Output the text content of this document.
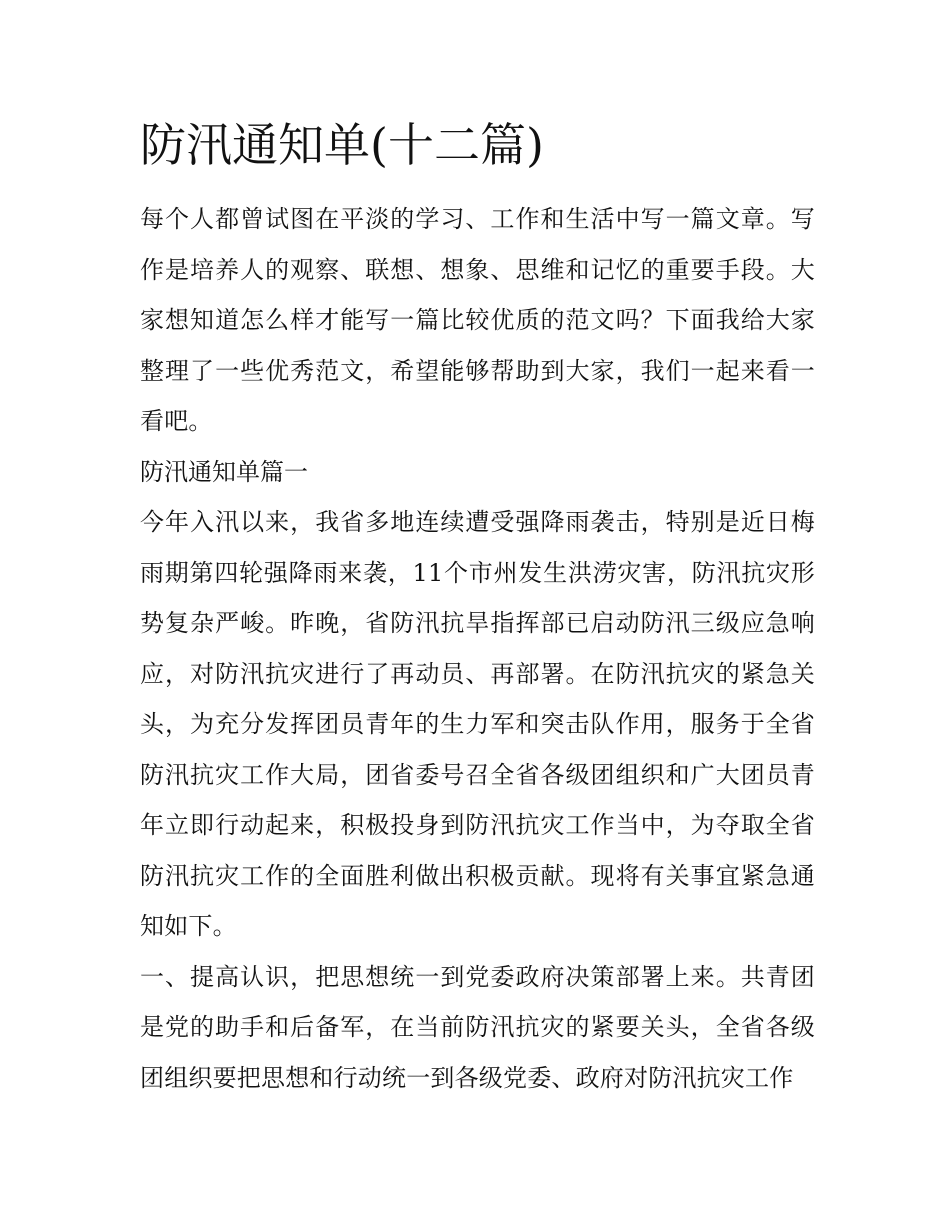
防汛通知单(十二篇)

每个人都曾试图在平淡的学习、工作和生活中写一篇文章。写作是培养人的观察、联想、想象、思维和记忆的重要手段。大家想知道怎么样才能写一篇比较优质的范文吗？下面我给大家整理了一些优秀范文，希望能够帮助到大家，我们一起来看一看吧。

防汛通知单篇一

今年入汛以来，我省多地连续遭受强降雨袭击，特别是近日梅雨期第四轮强降雨来袭，11个市州发生洪涝灾害，防汛抗灾形势复杂严峻。昨晚，省防汛抗旱指挥部已启动防汛三级应急响应，对防汛抗灾进行了再动员、再部署。在防汛抗灾的紧急关头，为充分发挥团员青年的生力军和突击队作用，服务于全省防汛抗灾工作大局，团省委号召全省各级团组织和广大团员青年立即行动起来，积极投身到防汛抗灾工作当中，为夺取全省防汛抗灾工作的全面胜利做出积极贡献。现将有关事宜紧急通知如下。

一、提高认识，把思想统一到党委政府决策部署上来。共青团是党的助手和后备军，在当前防汛抗灾的紧要关头，全省各级团组织要把思想和行动统一到各级党委、政府对防汛抗灾工作
